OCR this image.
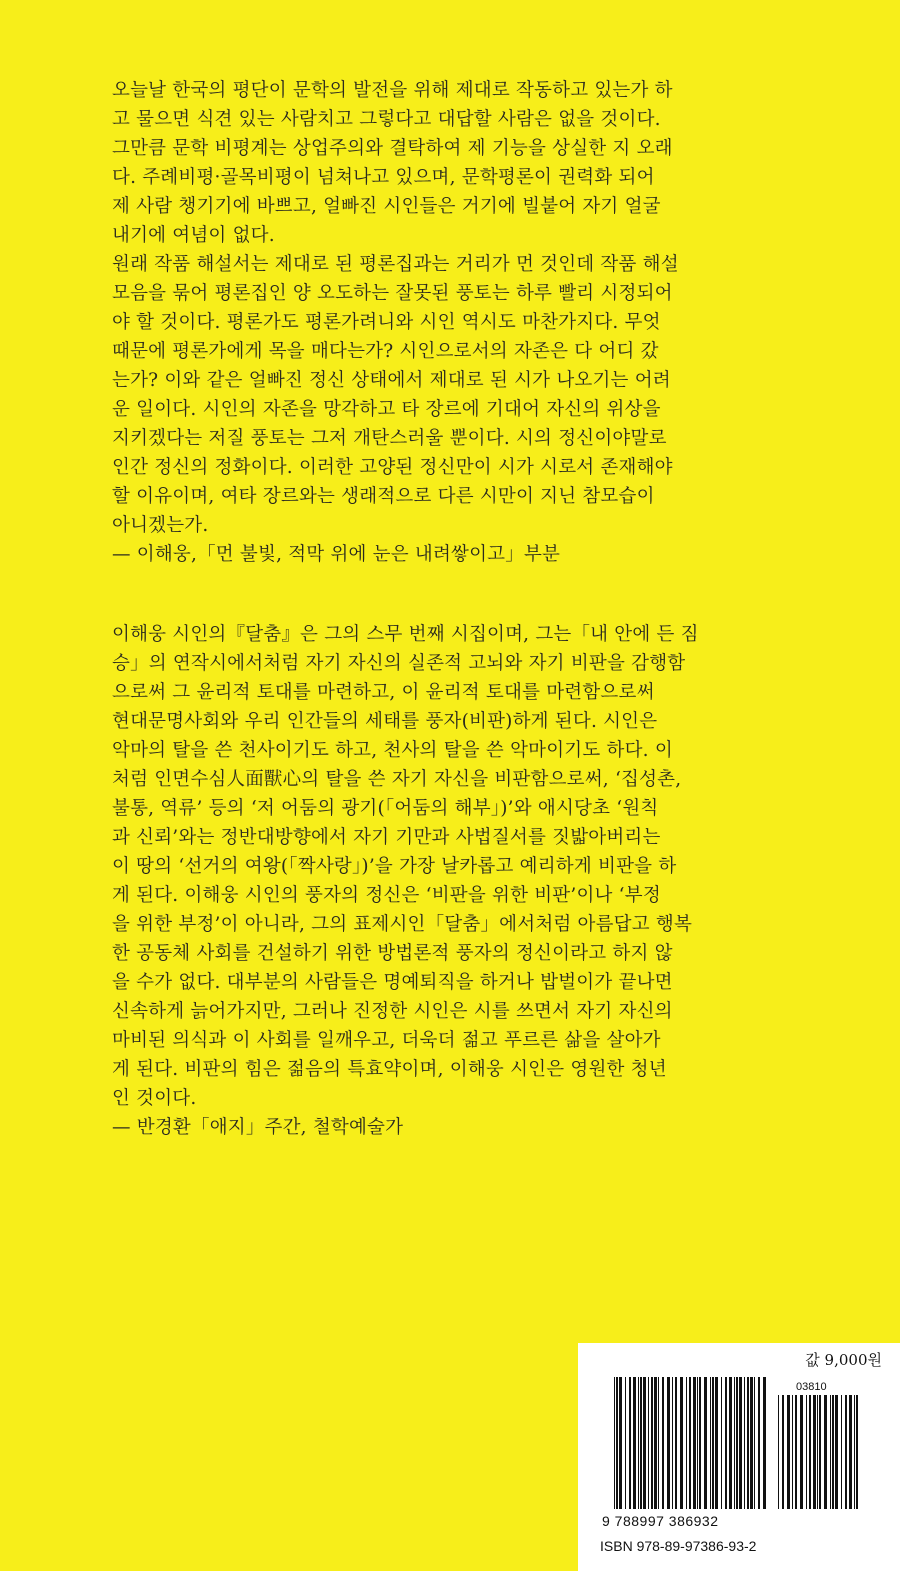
오늘날 한국의 평단이 문학의 발전을 위해 제대로 작동하고 있는가 하
고 물으면 식견 있는 사람치고 그렇다고 대답할 사람은 없을 것이다.
그만큼 문학 비평계는 상업주의와 결탁하여 제 기능을 상실한 지 오래
다. 주례비평·골목비평이 넘쳐나고 있으며, 문학평론이 권력화 되어
제 사람 챙기기에 바쁘고, 얼빠진 시인들은 거기에 빌붙어 자기 얼굴
내기에 여념이 없다.
원래 작품 해설서는 제대로 된 평론집과는 거리가 먼 것인데 작품 해설
모음을 묶어 평론집인 양 오도하는 잘못된 풍토는 하루 빨리 시정되어
야 할 것이다. 평론가도 평론가려니와 시인 역시도 마찬가지다. 무엇
때문에 평론가에게 목을 매다는가? 시인으로서의 자존은 다 어디 갔
는가? 이와 같은 얼빠진 정신 상태에서 제대로 된 시가 나오기는 어려
운 일이다. 시인의 자존을 망각하고 타 장르에 기대어 자신의 위상을
지키겠다는 저질 풍토는 그저 개탄스러울 뿐이다. 시의 정신이야말로
인간 정신의 정화이다. 이러한 고양된 정신만이 시가 시로서 존재해야
할 이유이며, 여타 장르와는 생래적으로 다른 시만이 지닌 참모습이
아니겠는가.
— 이해웅,「먼 불빛, 적막 위에 눈은 내려쌓이고」부분
이해웅 시인의『달춤』은 그의 스무 번째 시집이며, 그는「내 안에 든 짐
승」의 연작시에서처럼 자기 자신의 실존적 고뇌와 자기 비판을 감행함
으로써 그 윤리적 토대를 마련하고, 이 윤리적 토대를 마련함으로써
현대문명사회와 우리 인간들의 세태를 풍자(비판)하게 된다. 시인은
악마의 탈을 쓴 천사이기도 하고, 천사의 탈을 쓴 악마이기도 하다. 이
처럼 인면수심人面獸心의 탈을 쓴 자기 자신을 비판함으로써, ‘집성촌,
불통, 역류’ 등의 ‘저 어둠의 광기(「어둠의 해부」)’와 애시당초 ‘원칙
과 신뢰’와는 정반대방향에서 자기 기만과 사법질서를 짓밟아버리는
이 땅의 ‘선거의 여왕(「짝사랑」)’을 가장 날카롭고 예리하게 비판을 하
게 된다. 이해웅 시인의 풍자의 정신은 ‘비판을 위한 비판’이나 ‘부정
을 위한 부정’이 아니라, 그의 표제시인「달춤」에서처럼 아름답고 행복
한 공동체 사회를 건설하기 위한 방법론적 풍자의 정신이라고 하지 않
을 수가 없다. 대부분의 사람들은 명예퇴직을 하거나 밥벌이가 끝나면
신속하게 늙어가지만, 그러나 진정한 시인은 시를 쓰면서 자기 자신의
마비된 의식과 이 사회를 일깨우고, 더욱더 젊고 푸르른 삶을 살아가
게 된다. 비판의 힘은 젊음의 특효약이며, 이해웅 시인은 영원한 청년
인 것이다.
— 반경환「애지」주간, 철학예술가
값 9,000원
03810
9 788997 386932
ISBN 978-89-97386-93-2
